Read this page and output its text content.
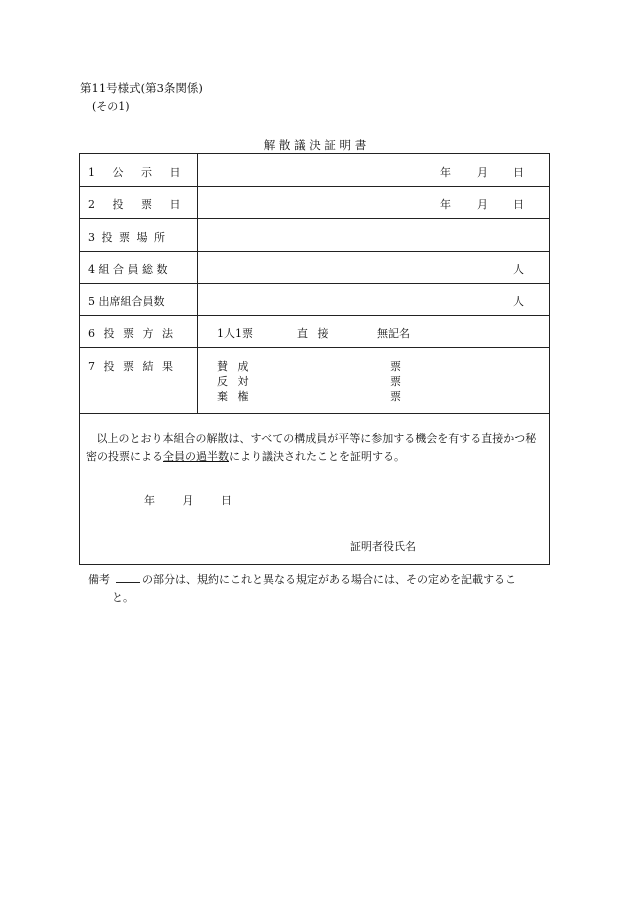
第11号様式(第3条関係)
(その1)
解 散 議 決 証 明 書
1 公 示 日	年 月 日
2 投 票 日	年 月 日
3 投 票 場 所
4 組 合 員 総 数	人
5 出席組合員数	人
6 投 票 方 法	1人1票	直 接	無記名
7 投 票 結 果	賛 成	票
反 対	票
棄 権	票
以上のとおり本組合の解散は、すべての構成員が平等に参加する機会を有する直接かつ秘密の投票による全員の過半数により議決されたことを証明する。
年 月 日
証明者役氏名
備考	の部分は、規約にこれと異なる規定がある場合には、その定めを記載するこ
と。
